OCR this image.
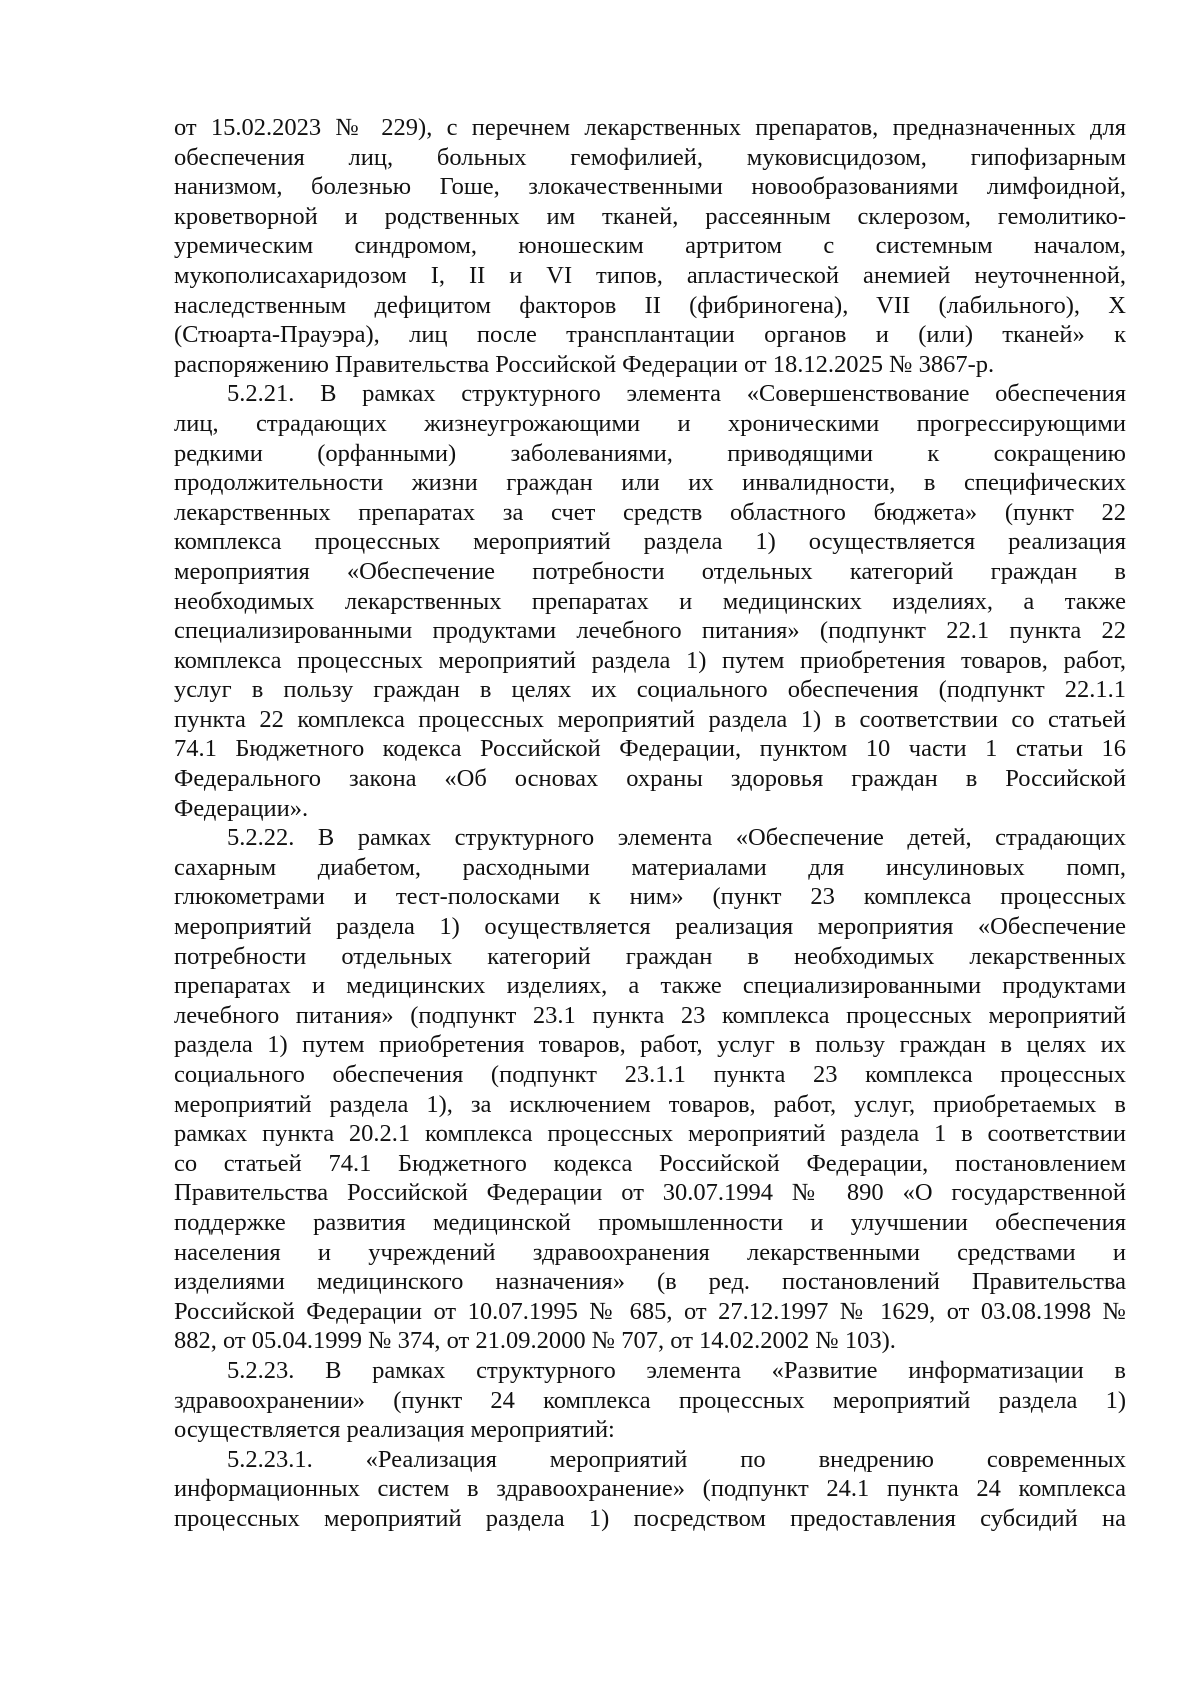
от 15.02.2023 № 229), с перечнем лекарственных препаратов, предназначенных для
обеспечения лиц, больных гемофилией, муковисцидозом, гипофизарным
нанизмом, болезнью Гоше, злокачественными новообразованиями лимфоидной,
кроветворной и родственных им тканей, рассеянным склерозом, гемолитико-
уремическим синдромом, юношеским артритом с системным началом,
мукополисахаридозом I, II и VI типов, апластической анемией неуточненной,
наследственным дефицитом факторов II (фибриногена), VII (лабильного), X
(Стюарта-Прауэра), лиц после трансплантации органов и (или) тканей» к
распоряжению Правительства Российской Федерации от 18.12.2025 № 3867-р.
5.2.21. В рамках структурного элемента «Совершенствование обеспечения
лиц, страдающих жизнеугрожающими и хроническими прогрессирующими
редкими (орфанными) заболеваниями, приводящими к сокращению
продолжительности жизни граждан или их инвалидности, в специфических
лекарственных препаратах за счет средств областного бюджета» (пункт 22
комплекса процессных мероприятий раздела 1) осуществляется реализация
мероприятия «Обеспечение потребности отдельных категорий граждан в
необходимых лекарственных препаратах и медицинских изделиях, а также
специализированными продуктами лечебного питания» (подпункт 22.1 пункта 22
комплекса процессных мероприятий раздела 1) путем приобретения товаров, работ,
услуг в пользу граждан в целях их социального обеспечения (подпункт 22.1.1
пункта 22 комплекса процессных мероприятий раздела 1) в соответствии со статьей
74.1 Бюджетного кодекса Российской Федерации, пунктом 10 части 1 статьи 16
Федерального закона «Об основах охраны здоровья граждан в Российской
Федерации».
5.2.22. В рамках структурного элемента «Обеспечение детей, страдающих
сахарным диабетом, расходными материалами для инсулиновых помп,
глюкометрами и тест-полосками к ним» (пункт 23 комплекса процессных
мероприятий раздела 1) осуществляется реализация мероприятия «Обеспечение
потребности отдельных категорий граждан в необходимых лекарственных
препаратах и медицинских изделиях, а также специализированными продуктами
лечебного питания» (подпункт 23.1 пункта 23 комплекса процессных мероприятий
раздела 1) путем приобретения товаров, работ, услуг в пользу граждан в целях их
социального обеспечения (подпункт 23.1.1 пункта 23 комплекса процессных
мероприятий раздела 1), за исключением товаров, работ, услуг, приобретаемых в
рамках пункта 20.2.1 комплекса процессных мероприятий раздела 1 в соответствии
со статьей 74.1 Бюджетного кодекса Российской Федерации, постановлением
Правительства Российской Федерации от 30.07.1994 № 890 «О государственной
поддержке развития медицинской промышленности и улучшении обеспечения
населения и учреждений здравоохранения лекарственными средствами и
изделиями медицинского назначения» (в ред. постановлений Правительства
Российской Федерации от 10.07.1995 № 685, от 27.12.1997 № 1629, от 03.08.1998 №
882, от 05.04.1999 № 374, от 21.09.2000 № 707, от 14.02.2002 № 103).
5.2.23. В рамках структурного элемента «Развитие информатизации в
здравоохранении» (пункт 24 комплекса процессных мероприятий раздела 1)
осуществляется реализация мероприятий:
5.2.23.1. «Реализация мероприятий по внедрению современных
информационных систем в здравоохранение» (подпункт 24.1 пункта 24 комплекса
процессных мероприятий раздела 1) посредством предоставления субсидий на
